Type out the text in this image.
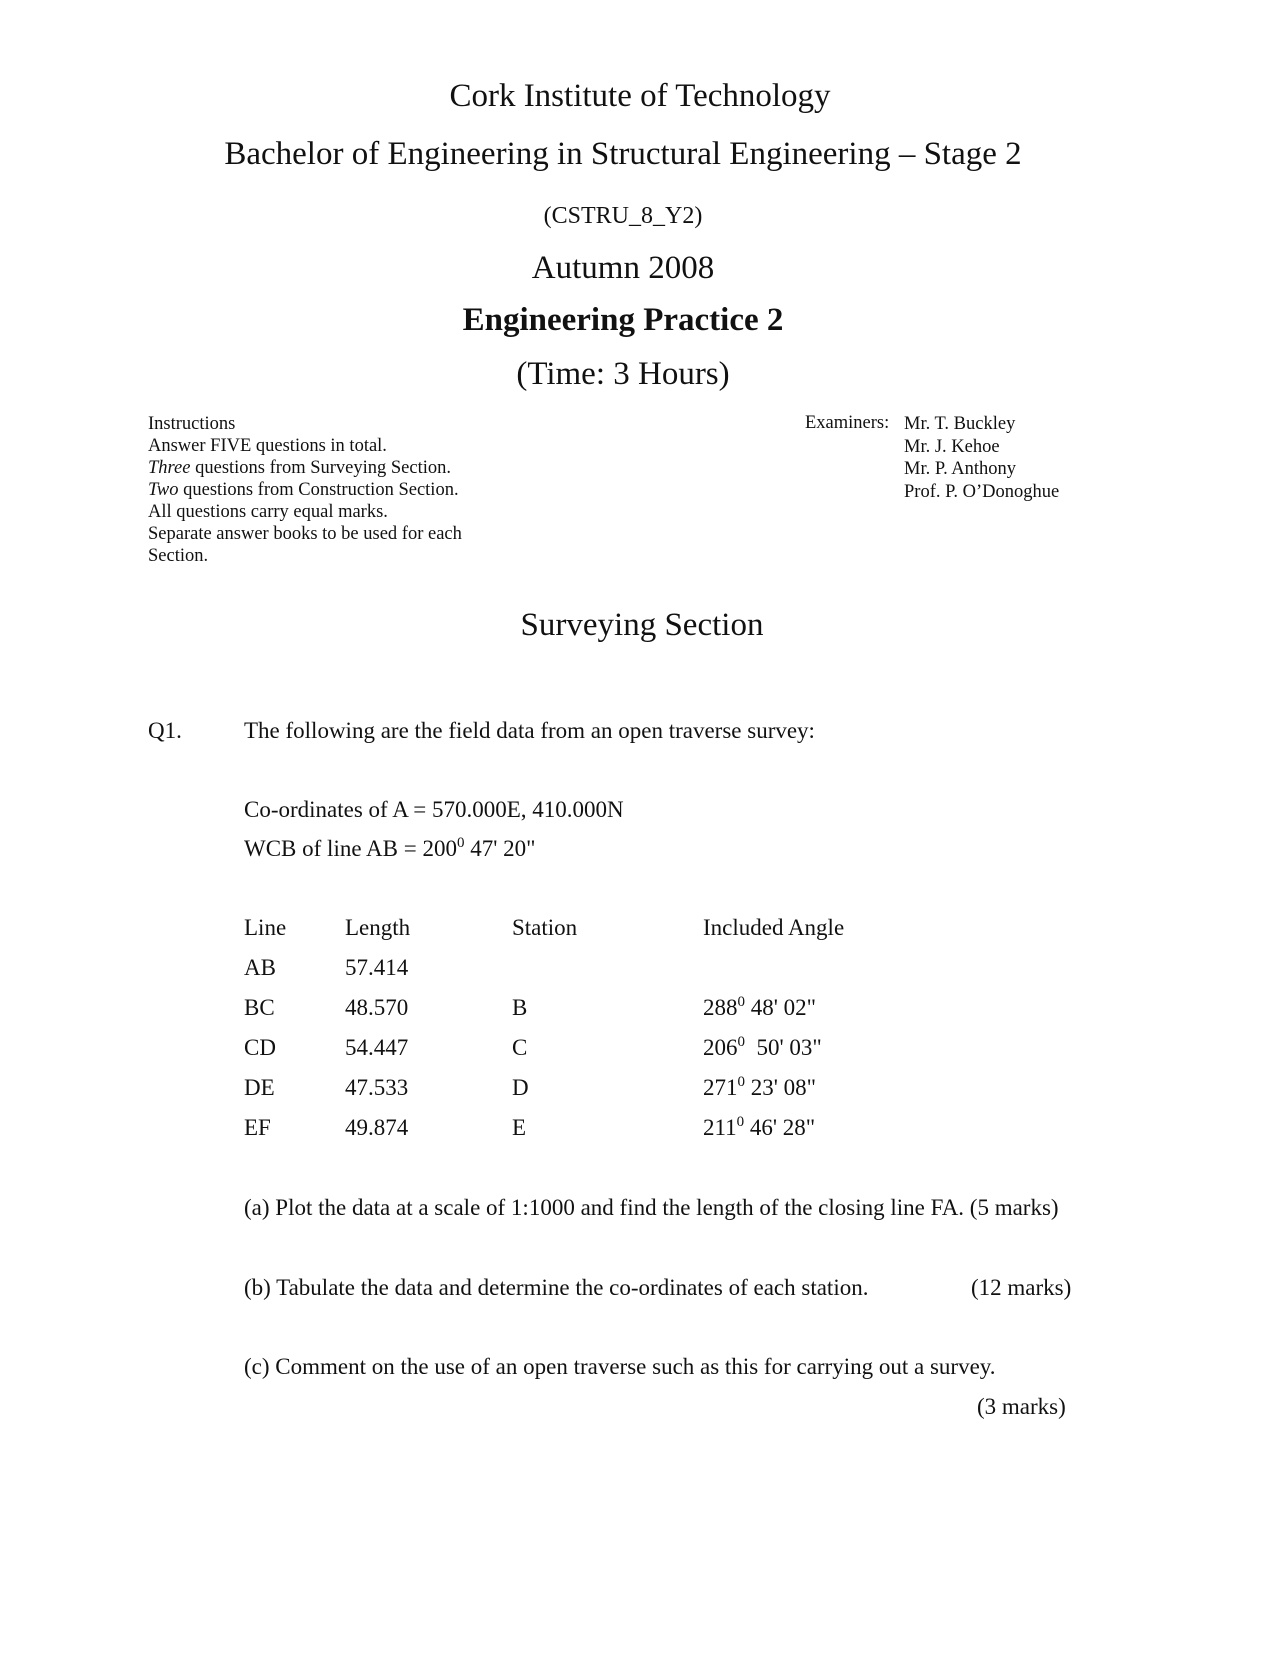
Cork Institute of Technology
Bachelor of Engineering in Structural Engineering – Stage 2
(CSTRU_8_Y2)
Autumn 2008
Engineering Practice 2
(Time: 3 Hours)
Instructions
Answer FIVE questions in total.
Three questions from Surveying Section.
Two questions from Construction Section.
All questions carry equal marks.
Separate answer books to be used for each
Section.
Examiners: Mr. T. Buckley
Mr. J. Kehoe
Mr. P. Anthony
Prof. P. O’Donoghue
Surveying Section
Q1.	The following are the field data from an open traverse survey:
Co-ordinates of A = 570.000E, 410.000N
WCB of line AB = $200^0$ 47' 20"
Line	Length	Station	Included Angle
AB	57.414
BC	48.570	B	$288^0$ 48' 02"
CD	54.447	C	$206^0$  50' 03"
DE	47.533	D	$271^0$ 23' 08"
EF	49.874	E	$211^0$ 46' 28"
(a) Plot the data at a scale of 1:1000 and find the length of the closing line FA. (5 marks)
(b) Tabulate the data and determine the co-ordinates of each station.	(12 marks)
(c) Comment on the use of an open traverse such as this for carrying out a survey.
(3 marks)
